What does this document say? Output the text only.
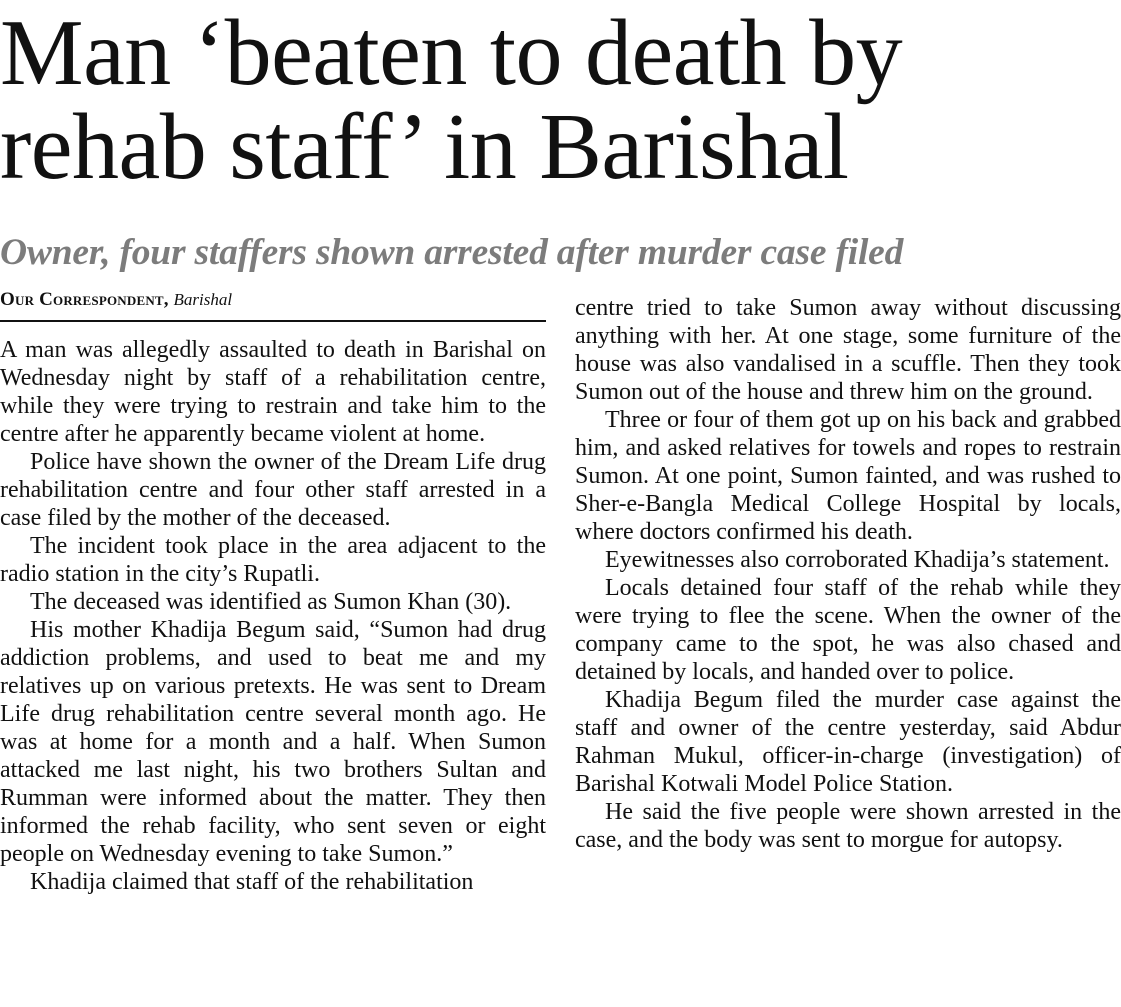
Man ‘beaten to death by rehab staff’ in Barishal
Owner, four staffers shown arrested after murder case filed
Our Correspondent, Barishal

A man was allegedly assaulted to death in Barishal on Wednesday night by staff of a rehabilitation centre, while they were trying to restrain and take him to the centre after he apparently became violent at home.

Police have shown the owner of the Dream Life drug rehabilitation centre and four other staff arrested in a case filed by the mother of the deceased.

The incident took place in the area adjacent to the radio station in the city’s Rupatli.

The deceased was identified as Sumon Khan (30).

His mother Khadija Begum said, “Sumon had drug addiction problems, and used to beat me and my relatives up on various pretexts. He was sent to Dream Life drug rehabilitation centre several month ago. He was at home for a month and a half. When Sumon attacked me last night, his two brothers Sultan and Rumman were informed about the matter. They then informed the rehab facility, who sent seven or eight people on Wednesday evening to take Sumon.”

Khadija claimed that staff of the rehabilitation

centre tried to take Sumon away without discussing anything with her. At one stage, some furniture of the house was also vandalised in a scuffle. Then they took Sumon out of the house and threw him on the ground.

Three or four of them got up on his back and grabbed him, and asked relatives for towels and ropes to restrain Sumon. At one point, Sumon fainted, and was rushed to Sher-e-Bangla Medical College Hospital by locals, where doctors confirmed his death.

Eyewitnesses also corroborated Khadija’s statement.

Locals detained four staff of the rehab while they were trying to flee the scene. When the owner of the company came to the spot, he was also chased and detained by locals, and handed over to police.

Khadija Begum filed the murder case against the staff and owner of the centre yesterday, said Abdur Rahman Mukul, officer-in-charge (investigation) of Barishal Kotwali Model Police Station.

He said the five people were shown arrested in the case, and the body was sent to morgue for autopsy.
